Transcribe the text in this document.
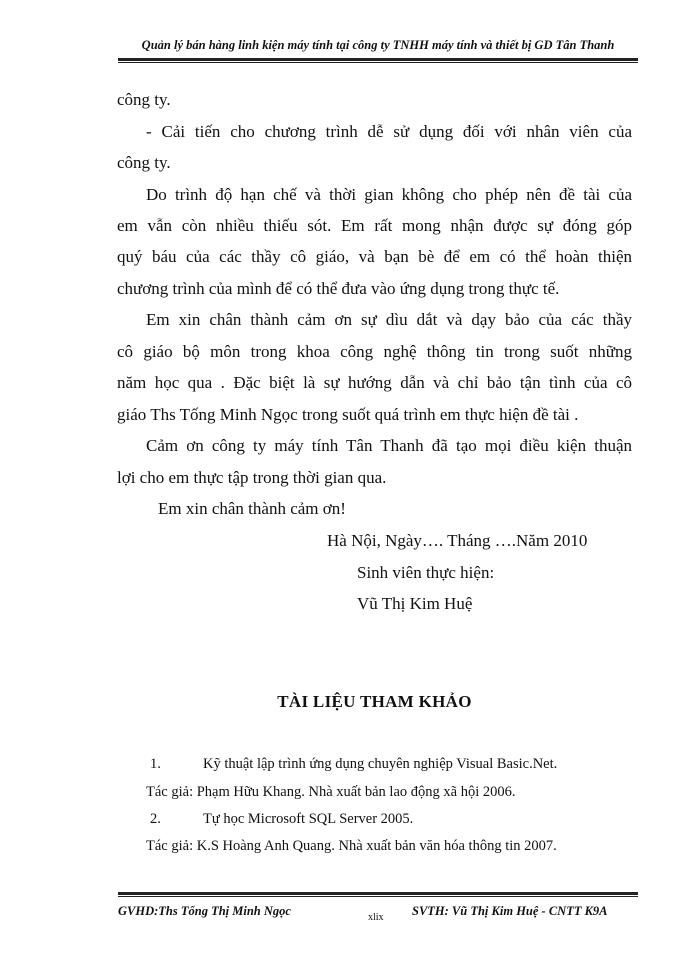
Quản lý bán hàng linh kiện máy tính tại công ty TNHH máy tính và thiết bị GD Tân Thanh
công ty.
- Cải tiến cho chương trình dễ sử dụng đối với nhân viên của
công ty.
Do trình độ hạn chế và thời gian không cho phép nên đề tài của
em vẫn còn nhiều thiếu sót. Em rất mong nhận được sự đóng góp
quý báu của các thầy cô giáo, và bạn bè để em có thể hoàn thiện
chương trình của mình để có thể đưa vào ứng dụng trong thực tế.
Em xin chân thành cảm ơn sự dìu dắt và dạy bảo của các thầy
cô giáo bộ môn trong khoa công nghệ thông tin trong suốt những
năm học qua . Đặc biệt là sự hướng dẫn và chỉ bảo tận tình của cô
giáo Ths Tống Minh Ngọc trong suốt quá trình em thực hiện đề tài .
Cảm ơn công ty máy tính Tân Thanh đã tạo mọi điều kiện thuận
lợi cho em thực tập trong thời gian qua.
Em xin chân thành cảm ơn!
Hà Nội, Ngày…. Tháng ….Năm 2010
Sinh viên thực hiện:
Vũ Thị Kim Huệ
TÀI LIỆU THAM KHẢO
1.	Kỹ thuật lập trình ứng dụng chuyên nghiệp Visual Basic.Net.
Tác giả: Phạm Hữu Khang. Nhà xuất bản lao động xã hội 2006.
2.	Tự học Microsoft SQL Server 2005.
Tác giả: K.S Hoàng Anh Quang. Nhà xuất bản văn hóa thông tin 2007.
GVHD:Ths Tống Thị Minh Ngọc	xlix SVTH: Vũ Thị Kim Huệ - CNTT K9A
